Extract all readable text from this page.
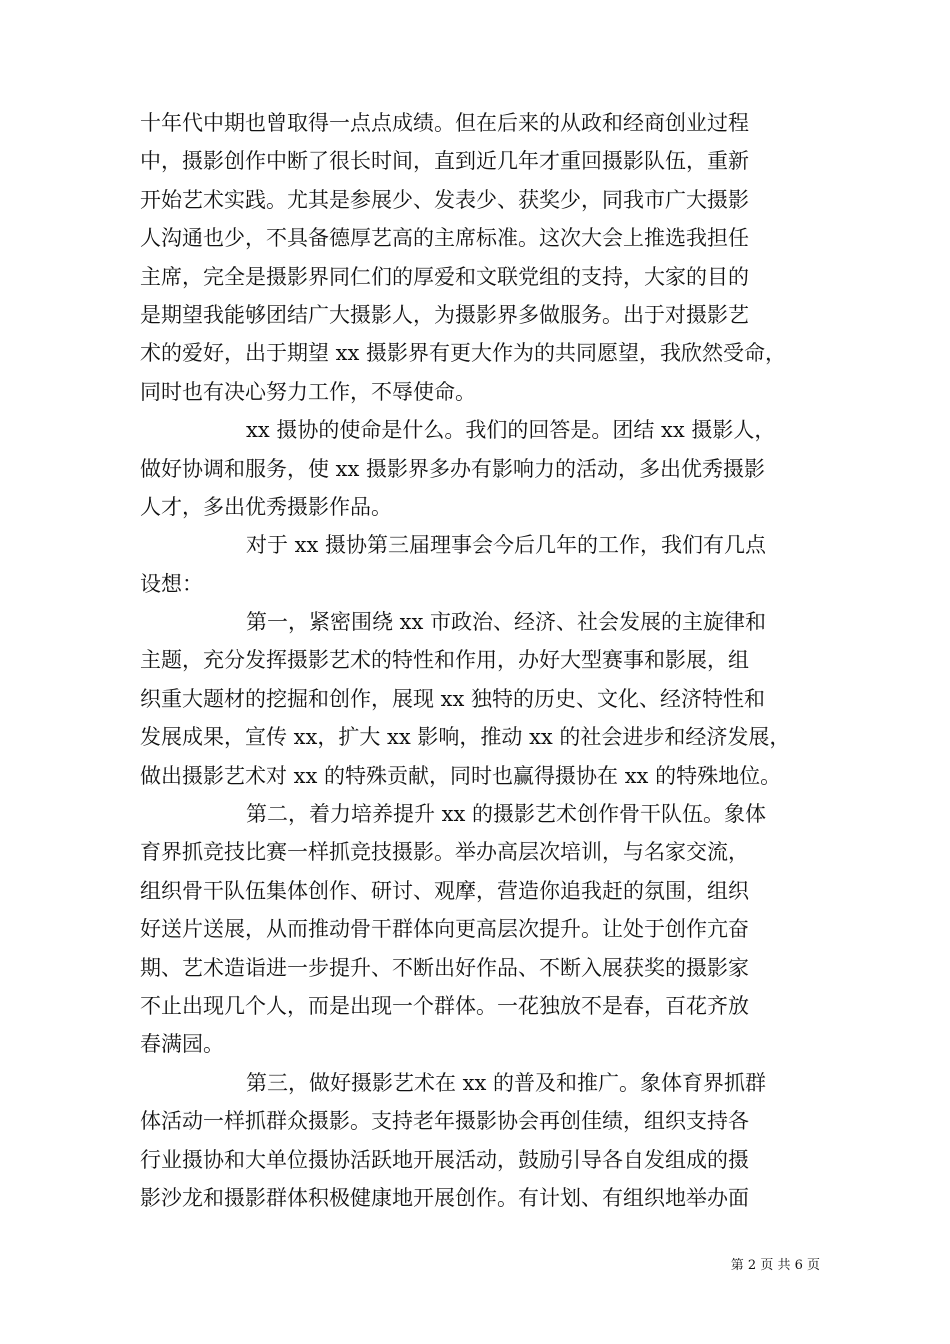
十年代中期也曾取得一点点成绩。但在后来的从政和经商创业过程
中，摄影创作中断了很长时间，直到近几年才重回摄影队伍，重新
开始艺术实践。尤其是参展少、发表少、获奖少，同我市广大摄影
人沟通也少，不具备德厚艺高的主席标准。这次大会上推选我担任
主席，完全是摄影界同仁们的厚爱和文联党组的支持，大家的目的
是期望我能够团结广大摄影人，为摄影界多做服务。出于对摄影艺
术的爱好，出于期望 xx 摄影界有更大作为的共同愿望，我欣然受命，
同时也有决心努力工作，不辱使命。
xx 摄协的使命是什么。我们的回答是。团结 xx 摄影人，
做好协调和服务，使 xx 摄影界多办有影响力的活动，多出优秀摄影
人才，多出优秀摄影作品。
对于 xx 摄协第三届理事会今后几年的工作，我们有几点
设想：
第一，紧密围绕 xx 市政治、经济、社会发展的主旋律和
主题，充分发挥摄影艺术的特性和作用，办好大型赛事和影展，组
织重大题材的挖掘和创作，展现 xx 独特的历史、文化、经济特性和
发展成果，宣传 xx，扩大 xx 影响，推动 xx 的社会进步和经济发展，
做出摄影艺术对 xx 的特殊贡献，同时也赢得摄协在 xx 的特殊地位。
第二，着力培养提升 xx 的摄影艺术创作骨干队伍。象体
育界抓竞技比赛一样抓竞技摄影。举办高层次培训，与名家交流，
组织骨干队伍集体创作、研讨、观摩，营造你追我赶的氛围，组织
好送片送展，从而推动骨干群体向更高层次提升。让处于创作亢奋
期、艺术造诣进一步提升、不断出好作品、不断入展获奖的摄影家
不止出现几个人，而是出现一个群体。一花独放不是春，百花齐放
春满园。
第三，做好摄影艺术在 xx 的普及和推广。象体育界抓群
体活动一样抓群众摄影。支持老年摄影协会再创佳绩，组织支持各
行业摄协和大单位摄协活跃地开展活动，鼓励引导各自发组成的摄
影沙龙和摄影群体积极健康地开展创作。有计划、有组织地举办面
第 2 页 共 6 页
